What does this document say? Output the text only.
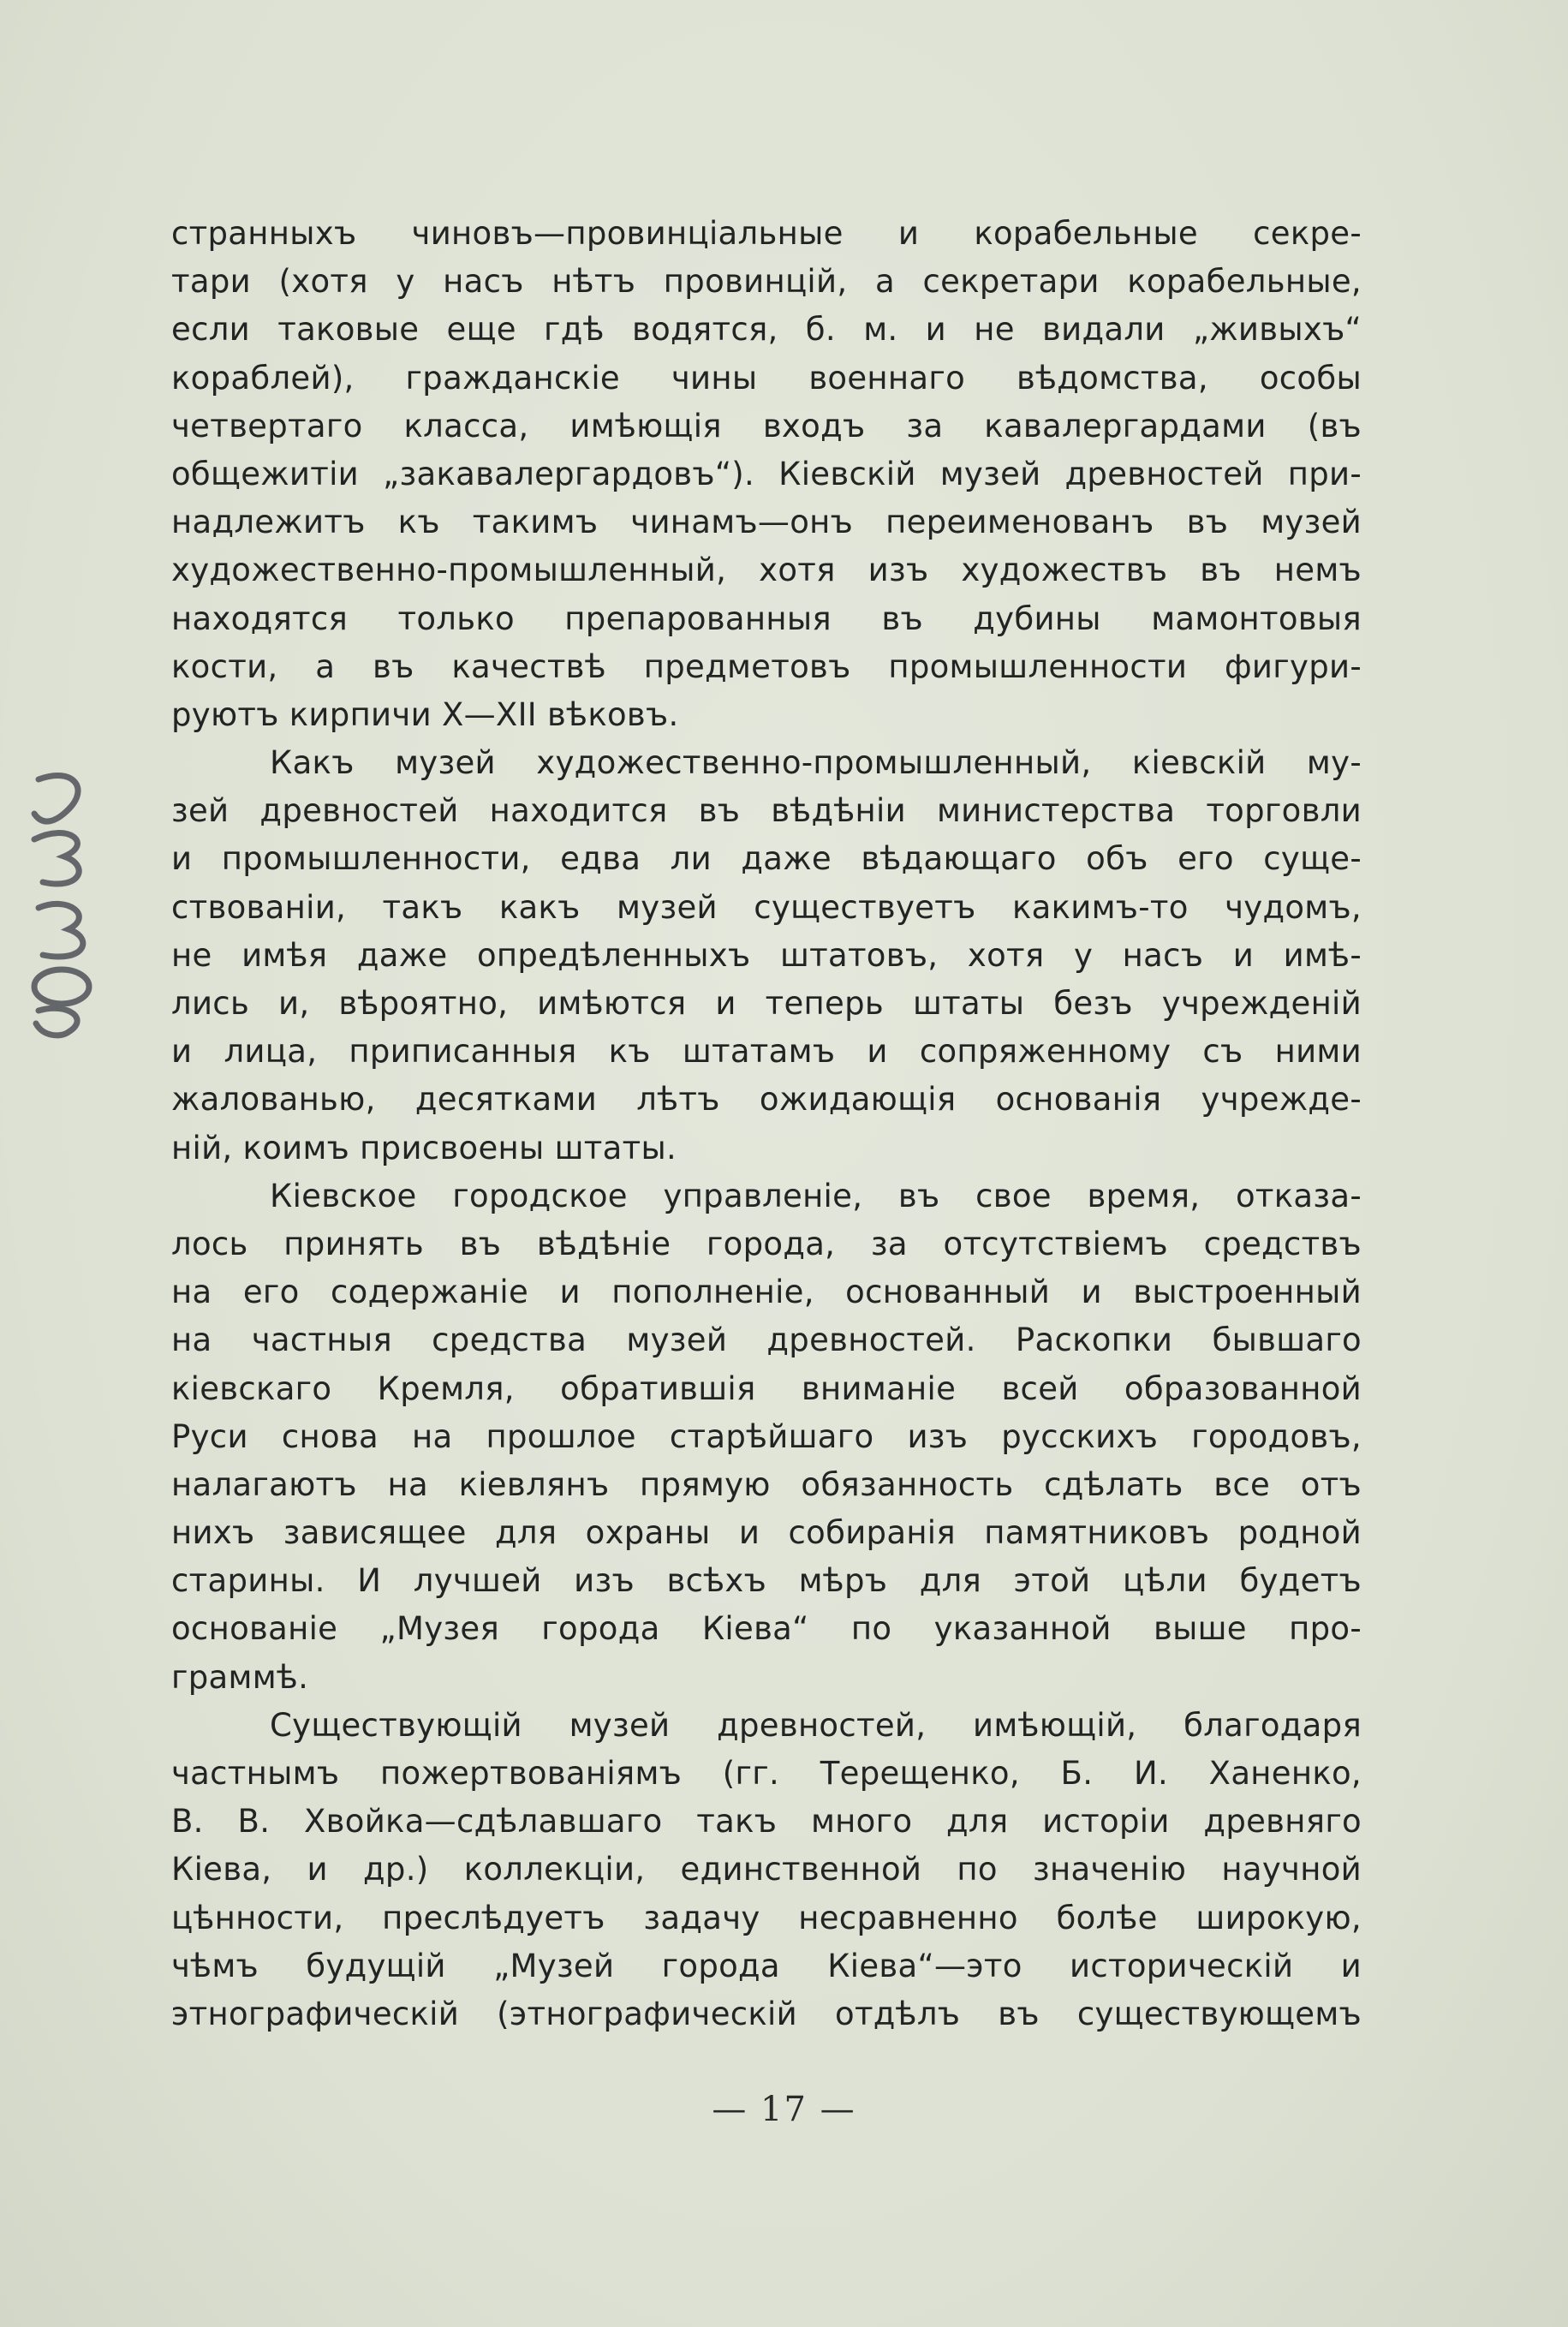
странныхъ чиновъ—провинціальные и корабельные секре-
тари (хотя у насъ нѣтъ провинцій, а секретари корабельные,
если таковые еще гдѣ водятся, б. м. и не видали „живыхъ“
кораблей), гражданскіе чины военнаго вѣдомства, особы
четвертаго класса, имѣющія входъ за кавалергардами (въ
общежитіи „закавалергардовъ“). Кіевскій музей древностей при-
надлежитъ къ такимъ чинамъ—онъ переименованъ въ музей
художественно-промышленный, хотя изъ художествъ въ немъ
находятся только препарованныя въ дубины мамонтовыя
кости, а въ качествѣ предметовъ промышленности фигури-
руютъ кирпичи X—XII вѣковъ.
Какъ музей художественно-промышленный, кіевскій му-
зей древностей находится въ вѣдѣніи министерства торговли
и промышленности, едва ли даже вѣдающаго объ его суще-
ствованіи, такъ какъ музей существуетъ какимъ-то чудомъ,
не имѣя даже опредѣленныхъ штатовъ, хотя у насъ и имѣ-
лись и, вѣроятно, имѣются и теперь штаты безъ учрежденій
и лица, приписанныя къ штатамъ и сопряженному съ ними
жалованью, десятками лѣтъ ожидающія основанія учрежде-
ній, коимъ присвоены штаты.
Кіевское городское управленіе, въ свое время, отказа-
лось принять въ вѣдѣніе города, за отсутствіемъ средствъ
на его содержаніе и пополненіе, основанный и выстроенный
на частныя средства музей древностей. Раскопки бывшаго
кіевскаго Кремля, обратившія вниманіе всей образованной
Руси снова на прошлое старѣйшаго изъ русскихъ городовъ,
налагаютъ на кіевлянъ прямую обязанность сдѣлать все отъ
нихъ зависящее для охраны и собиранія памятниковъ родной
старины. И лучшей изъ всѣхъ мѣръ для этой цѣли будетъ
основаніе „Музея города Кіева“ по указанной выше про-
граммѣ.
Существующій музей древностей, имѣющій, благодаря
частнымъ пожертвованіямъ (гг. Терещенко, Б. И. Ханенко,
В. В. Хвойка—сдѣлавшаго такъ много для исторіи древняго
Кіева, и др.) коллекціи, единственной по значенію научной
цѣнности, преслѣдуетъ задачу несравненно болѣе широкую,
чѣмъ будущій „Музей города Кіева“—это историческій и
этнографическій (этнографическій отдѣлъ въ существующемъ
— 17 —
